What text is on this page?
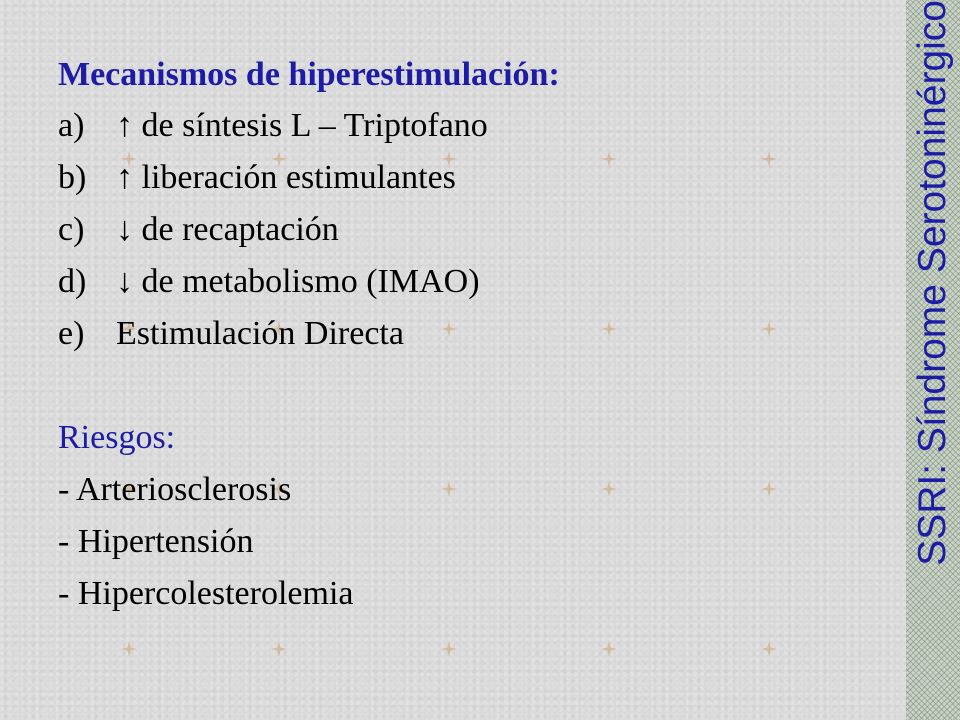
Mecanismos de hiperestimulación:

a) ↑ de síntesis L – Triptofano

b) ↑ liberación estimulantes

c) ↓ de recaptación

d) ↓ de metabolismo (IMAO)

e) Estimulación Directa

Riesgos:

- Arteriosclerosis

- Hipertensión

- Hipercolesterolemia

SSRI: Síndrome Serotoninérgico
